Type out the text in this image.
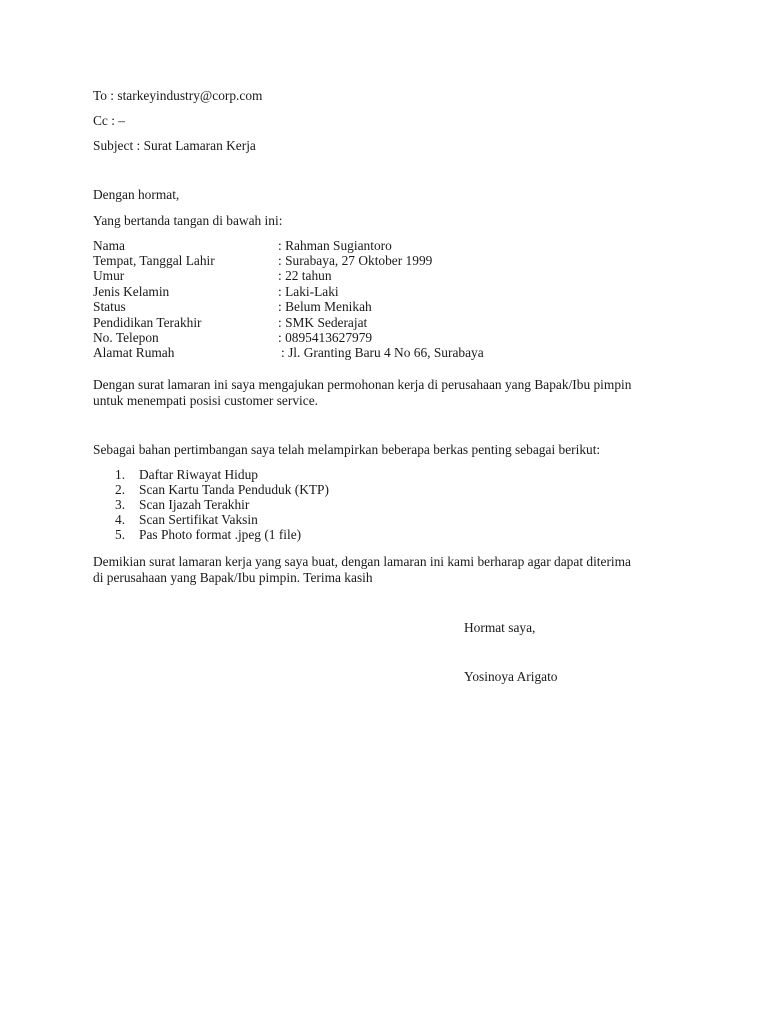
To : starkeyindustry@corp.com
Cc : –
Subject : Surat Lamaran Kerja
Dengan hormat,
Yang bertanda tangan di bawah ini:
Nama	: Rahman Sugiantoro
Tempat, Tanggal Lahir	: Surabaya, 27 Oktober 1999
Umur	: 22 tahun
Jenis Kelamin	: Laki-Laki
Status	: Belum Menikah
Pendidikan Terakhir	: SMK Sederajat
No. Telepon	: 0895413627979
Alamat Rumah	: Jl. Granting Baru 4 No 66, Surabaya
Dengan surat lamaran ini saya mengajukan permohonan kerja di perusahaan yang Bapak/Ibu pimpin
untuk menempati posisi customer service.
Sebagai bahan pertimbangan saya telah melampirkan beberapa berkas penting sebagai berikut:
1. Daftar Riwayat Hidup
2. Scan Kartu Tanda Penduduk (KTP)
3. Scan Ijazah Terakhir
4. Scan Sertifikat Vaksin
5. Pas Photo format .jpeg (1 file)
Demikian surat lamaran kerja yang saya buat, dengan lamaran ini kami berharap agar dapat diterima
di perusahaan yang Bapak/Ibu pimpin. Terima kasih
Hormat saya,
Yosinoya Arigato
